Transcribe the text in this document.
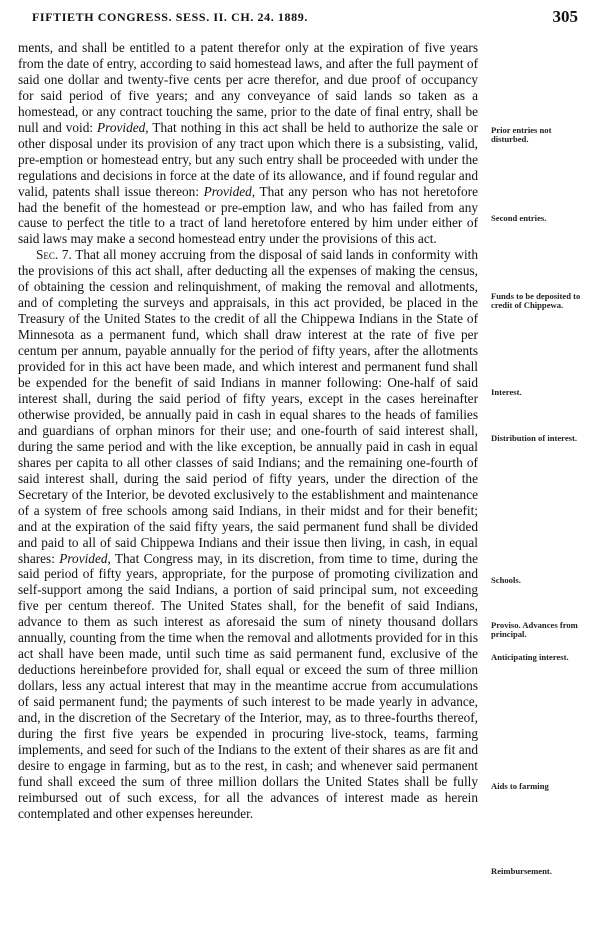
FIFTIETH CONGRESS. SESS. II. CH. 24. 1889.	305

ments, and shall be entitled to a patent therefor only at the expiration of five years from the date of entry, according to said homestead laws, and after the full payment of said one dollar and twenty-five cents per acre therefor, and due proof of occupancy for said period of five years; and any conveyance of said lands so taken as a homestead, or any contract touching the same, prior to the date of final entry, shall be null and void: Provided, That nothing in this act shall be held to authorize the sale or other disposal under its provision of any tract upon which there is a subsisting, valid, pre-emption or homestead entry, but any such entry shall be proceeded with under the regulations and decisions in force at the date of its allowance, and if found regular and valid, patents shall issue thereon: Provided, That any person who has not heretofore had the benefit of the homestead or pre-emption law, and who has failed from any cause to perfect the title to a tract of land heretofore entered by him under either of said laws may make a second homestead entry under the provisions of this act.

Sec. 7. That all money accruing from the disposal of said lands in conformity with the provisions of this act shall, after deducting all the expenses of making the census, of obtaining the cession and relinquishment, of making the removal and allotments, and of completing the surveys and appraisals, in this act provided, be placed in the Treasury of the United States to the credit of all the Chippewa Indians in the State of Minnesota as a permanent fund, which shall draw interest at the rate of five per centum per annum, payable annually for the period of fifty years, after the allotments provided for in this act have been made, and which interest and permanent fund shall be expended for the benefit of said Indians in manner following: One-half of said interest shall, during the said period of fifty years, except in the cases hereinafter otherwise provided, be annually paid in cash in equal shares to the heads of families and guardians of orphan minors for their use; and one-fourth of said interest shall, during the same period and with the like exception, be annually paid in cash in equal shares per capita to all other classes of said Indians; and the remaining one-fourth of said interest shall, during the said period of fifty years, under the direction of the Secretary of the Interior, be devoted exclusively to the establishment and maintenance of a system of free schools among said Indians, in their midst and for their benefit; and at the expiration of the said fifty years, the said permanent fund shall be divided and paid to all of said Chippewa Indians and their issue then living, in cash, in equal shares: Provided, That Congress may, in its discretion, from time to time, during the said period of fifty years, appropriate, for the purpose of promoting civilization and self-support among the said Indians, a portion of said principal sum, not exceeding five per centum thereof. The United States shall, for the benefit of said Indians, advance to them as such interest as aforesaid the sum of ninety thousand dollars annually, counting from the time when the removal and allotments provided for in this act shall have been made, until such time as said permanent fund, exclusive of the deductions hereinbefore provided for, shall equal or exceed the sum of three million dollars, less any actual interest that may in the meantime accrue from accumulations of said permanent fund; the payments of such interest to be made yearly in advance, and, in the discretion of the Secretary of the Interior, may, as to three-fourths thereof, during the first five years be expended in procuring live-stock, teams, farming implements, and seed for such of the Indians to the extent of their shares as are fit and desire to engage in farming, but as to the rest, in cash; and whenever said permanent fund shall exceed the sum of three million dollars the United States shall be fully reimbursed out of such excess, for all the advances of interest made as herein contemplated and other expenses hereunder.

Prior entries not disturbed.
Second entries.
Funds to be deposited to credit of Chippewa.
Interest.
Distribution of interest.
Schools.
Proviso. Advances from principal.
Anticipating interest.
Aids to farming
Reimbursement.
